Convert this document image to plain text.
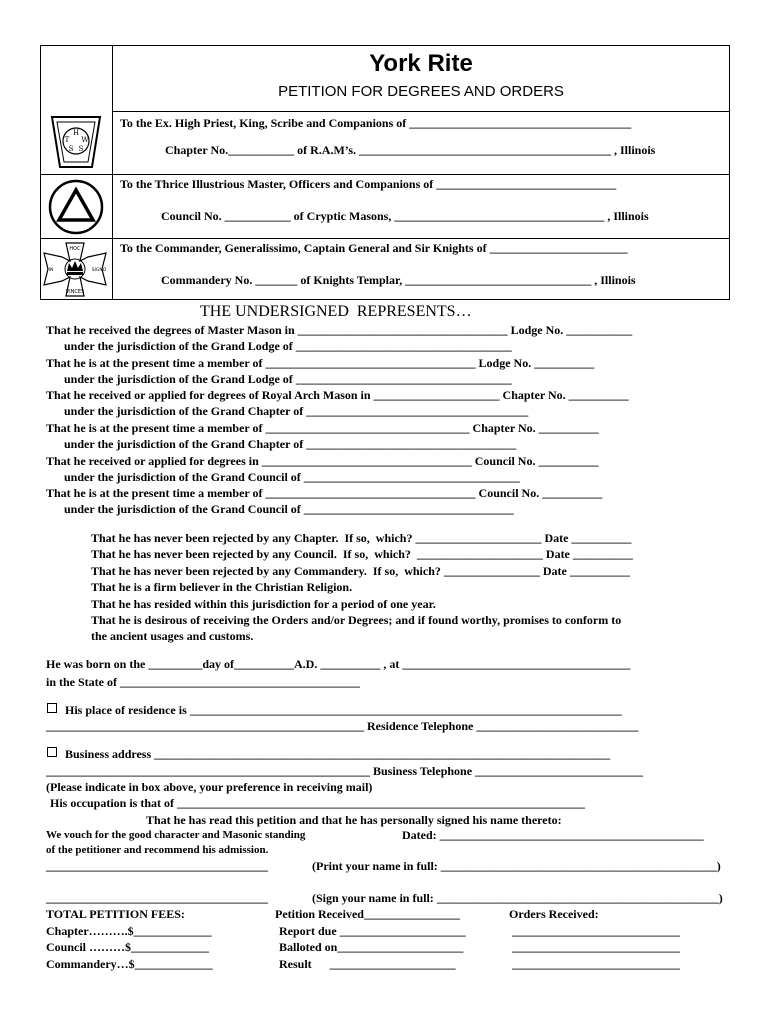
York Rite
PETITION FOR DEGREES AND ORDERS
H
T W
S S
HOC
VINCES
IN	SIGNO
To the Ex. High Priest, King, Scribe and Companions of _____________________________________
Chapter No.___________ of R.A.M’s. __________________________________________ , Illinois
To the Thrice Illustrious Master, Officers and Companions of ______________________________
Council No. ___________ of Cryptic Masons, ___________________________________ , Illinois
To the Commander, Generalissimo, Captain General and Sir Knights of _______________________
Commandery No. _______ of Knights Templar, _______________________________ , Illinois
THE UNDERSIGNED  REPRESENTS…
That he received the degrees of Master Mason in ___________________________________ Lodge No. ___________
under the jurisdiction of the Grand Lodge of ____________________________________
That he is at the present time a member of ___________________________________ Lodge No. __________
under the jurisdiction of the Grand Lodge of ____________________________________
That he received or applied for degrees of Royal Arch Mason in _____________________ Chapter No. __________
under the jurisdiction of the Grand Chapter of _____________________________________
That he is at the present time a member of __________________________________ Chapter No. __________
under the jurisdiction of the Grand Chapter of ___________________________________
That he received or applied for degrees in ___________________________________ Council No. __________
under the jurisdiction of the Grand Council of ____________________________________
That he is at the present time a member of ___________________________________ Council No. __________
under the jurisdiction of the Grand Council of ___________________________________
That he has never been rejected by any Chapter.  If so,  which? _____________________ Date __________
That he has never been rejected by any Council.  If so,  which?  _____________________ Date __________
That he has never been rejected by any Commandery.  If so,  which? ________________ Date __________
That he is a firm believer in the Christian Religion.
That he has resided within this jurisdiction for a period of one year.
That he is desirous of receiving the Orders and/or Degrees; and if found worthy, promises to conform to
the ancient usages and customs.
He was born on the _________day of__________A.D. __________ , at ______________________________________
in the State of ________________________________________
His place of residence is ________________________________________________________________________
_____________________________________________________ Residence Telephone ___________________________
Business address ____________________________________________________________________________
______________________________________________________ Business Telephone ____________________________
(Please indicate in box above, your preference in receiving mail)
His occupation is that of ____________________________________________________________________
That he has read this petition and that he has personally signed his name thereto:
We vouch for the good character and Masonic standing
of the petitioner and recommend his admission.
Dated: ____________________________________________
_____________________________________	(Print your name in full: ______________________________________________)
_____________________________________	(Sign your name in full: _______________________________________________)
TOTAL PETITION FEES:
Chapter……….$_____________
Council ………$_____________
Commandery…$_____________
Petition Received________________
Report due _____________________
Balloted on_____________________
Result      _____________________
Orders Received:
____________________________
____________________________
____________________________
